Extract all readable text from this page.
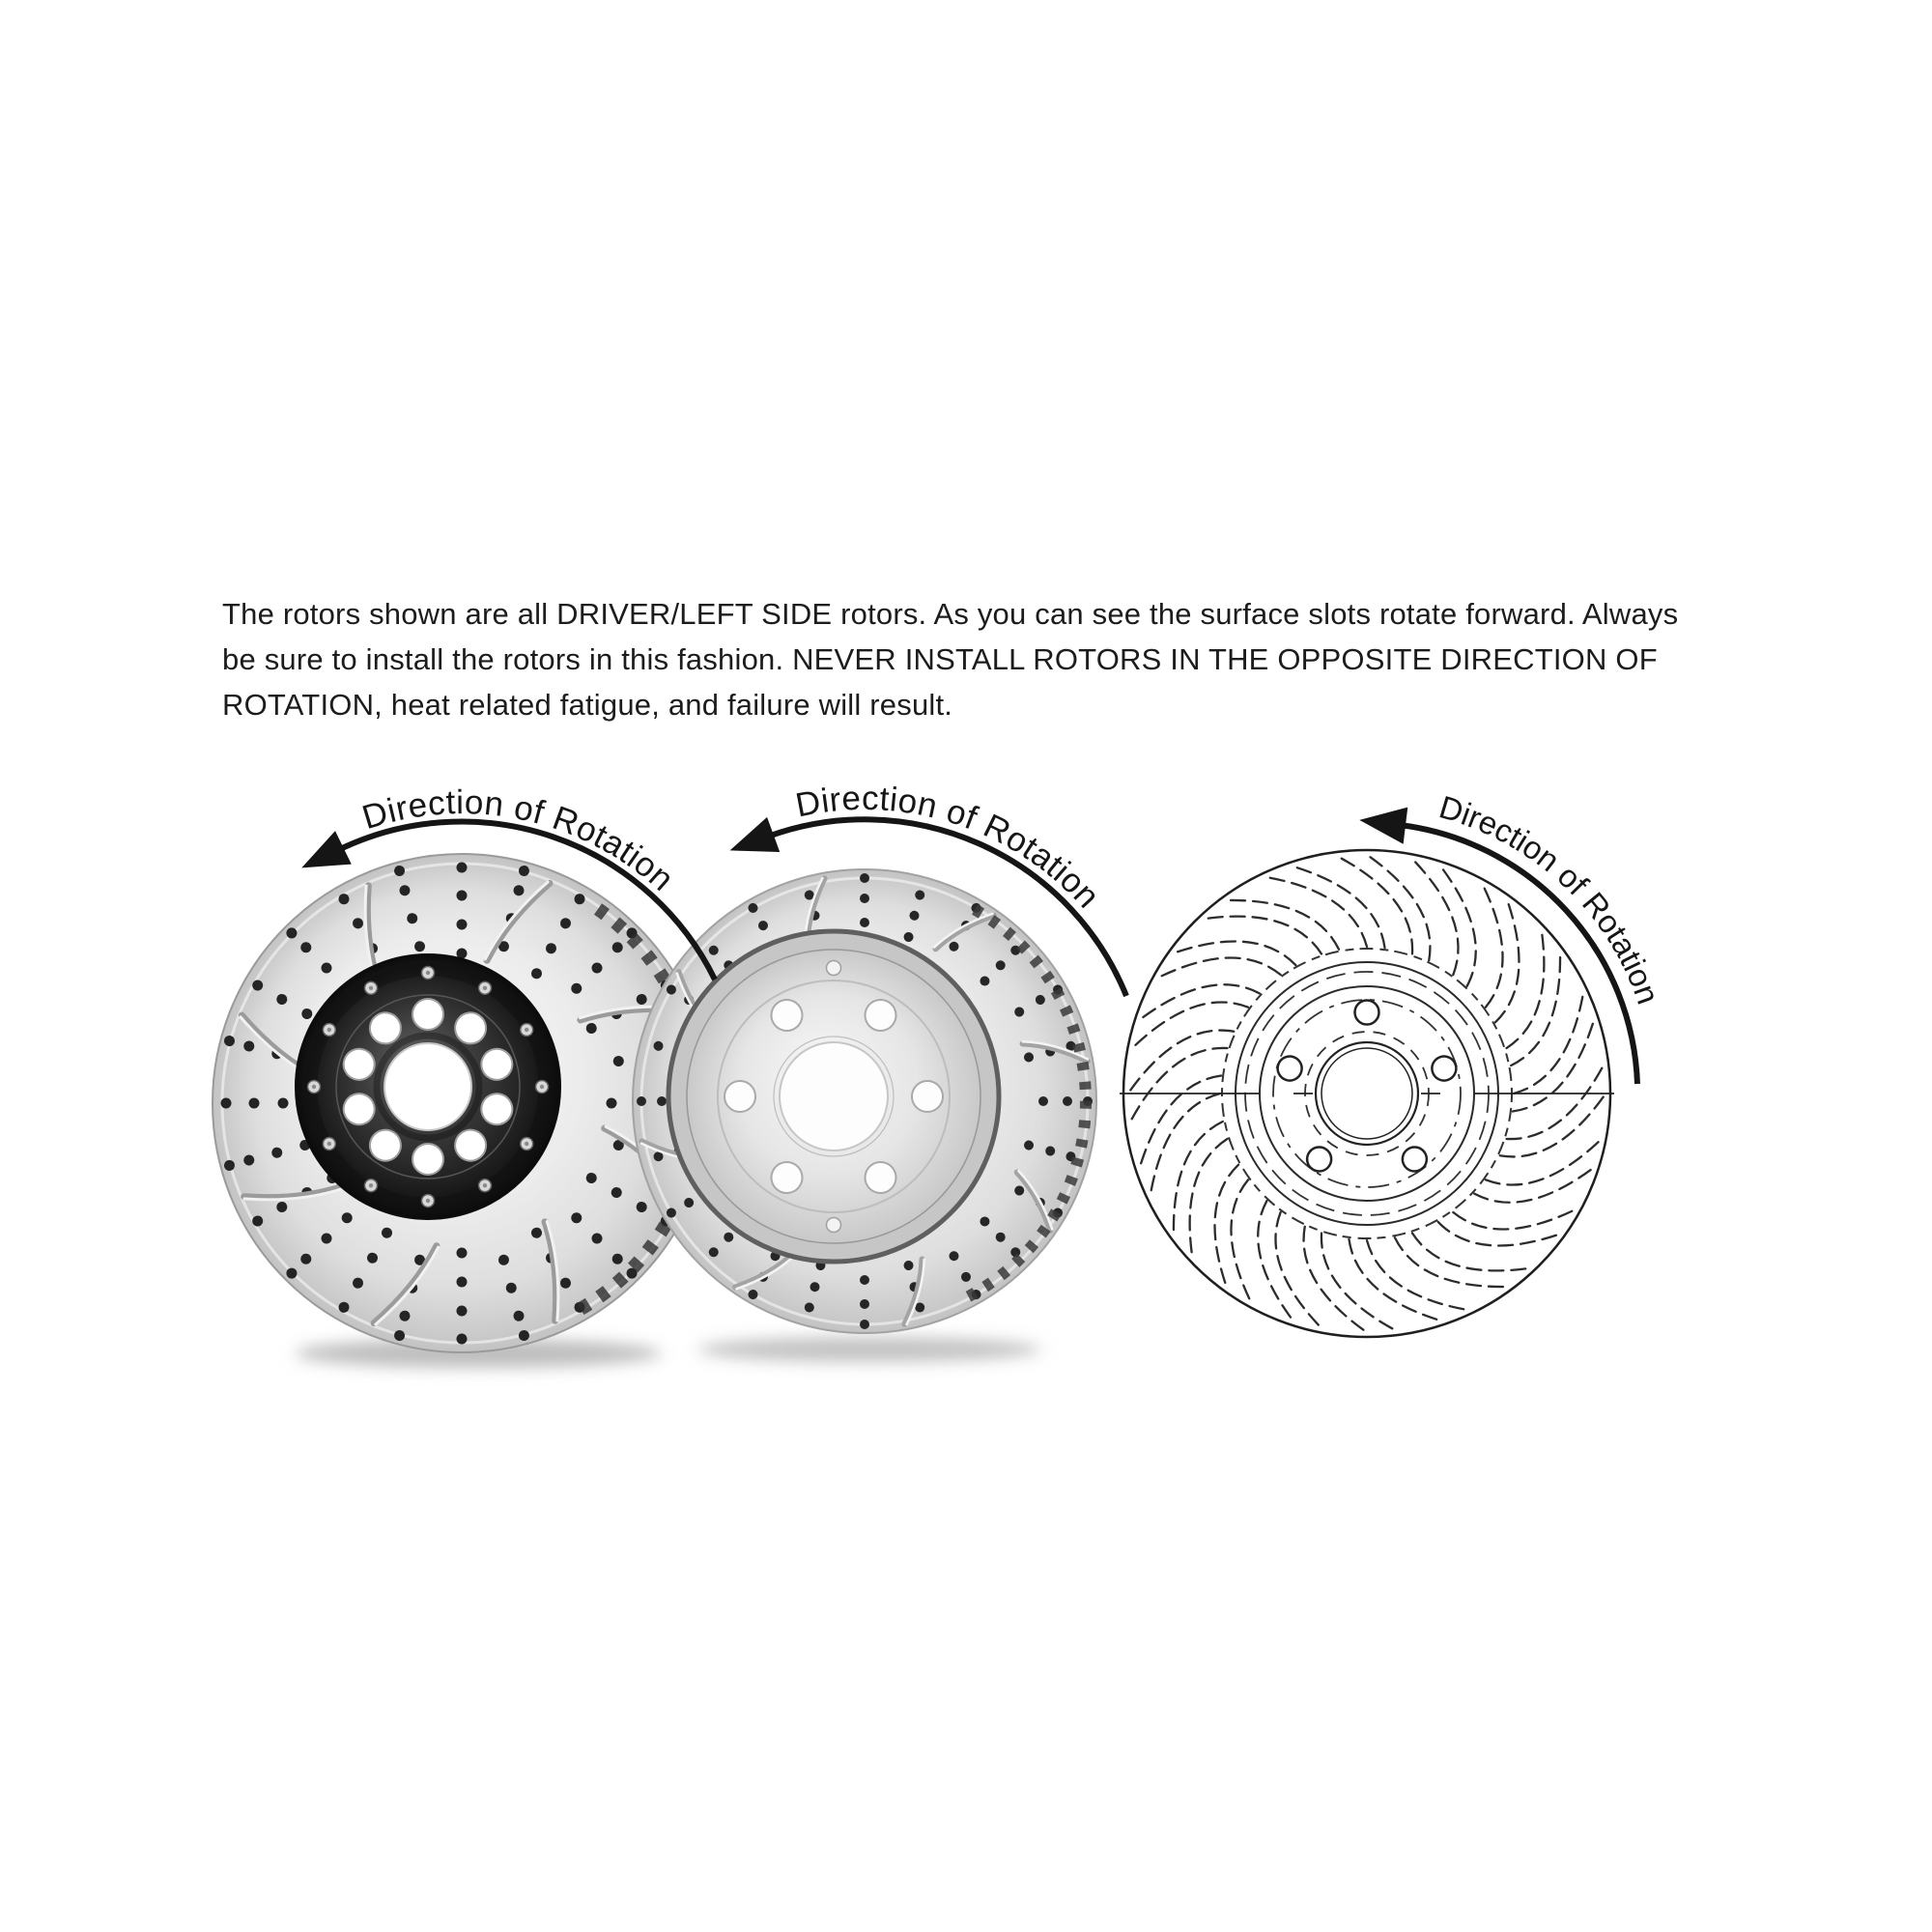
Direction of Rotation
Direction of Rotation
Direction of Rotation
The rotors shown are all DRIVER/LEFT SIDE rotors. As you can see the surface slots rotate forward. Always
be sure to install the rotors in this fashion. NEVER INSTALL ROTORS IN THE OPPOSITE DIRECTION OF
ROTATION, heat related fatigue, and failure will result.
